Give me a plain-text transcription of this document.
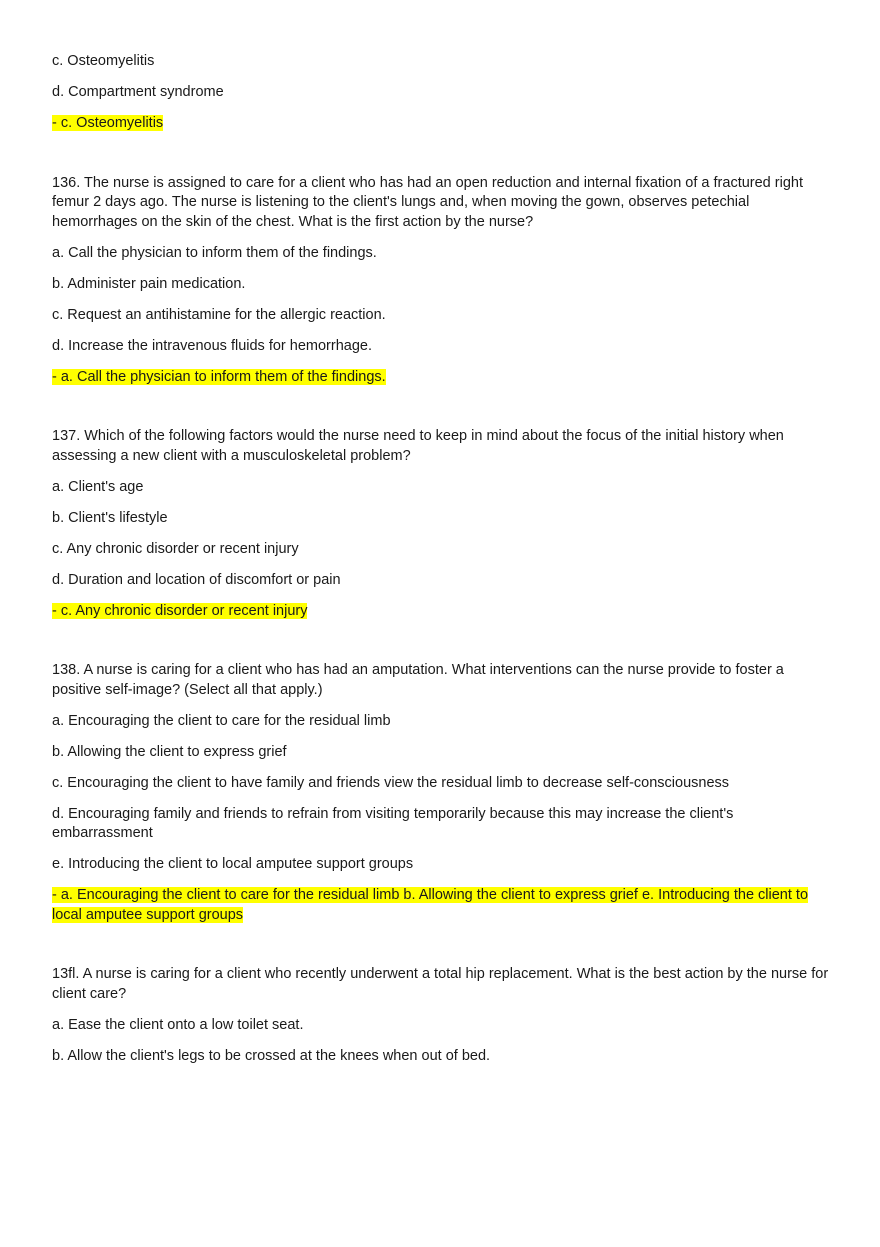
c. Osteomyelitis

d. Compartment syndrome

- c. Osteomyelitis

136. The nurse is assigned to care for a client who has had an open reduction and internal fixation of a fractured right femur 2 days ago. The nurse is listening to the client's lungs and, when moving the gown, observes petechial hemorrhages on the skin of the chest. What is the first action by the nurse?

a. Call the physician to inform them of the findings.

b. Administer pain medication.

c. Request an antihistamine for the allergic reaction.

d. Increase the intravenous fluids for hemorrhage.

- a. Call the physician to inform them of the findings.

137. Which of the following factors would the nurse need to keep in mind about the focus of the initial history when assessing a new client with a musculoskeletal problem?

a. Client's age

b. Client's lifestyle

c. Any chronic disorder or recent injury

d. Duration and location of discomfort or pain

- c. Any chronic disorder or recent injury

138. A nurse is caring for a client who has had an amputation. What interventions can the nurse provide to foster a positive self-image? (Select all that apply.)

a. Encouraging the client to care for the residual limb

b. Allowing the client to express grief

c. Encouraging the client to have family and friends view the residual limb to decrease self-consciousness

d. Encouraging family and friends to refrain from visiting temporarily because this may increase the client's embarrassment

e. Introducing the client to local amputee support groups

- a. Encouraging the client to care for the residual limb b. Allowing the client to express grief e. Introducing the client to local amputee support groups

13fl. A nurse is caring for a client who recently underwent a total hip replacement. What is the best action by the nurse for client care?

a. Ease the client onto a low toilet seat.

b. Allow the client's legs to be crossed at the knees when out of bed.
